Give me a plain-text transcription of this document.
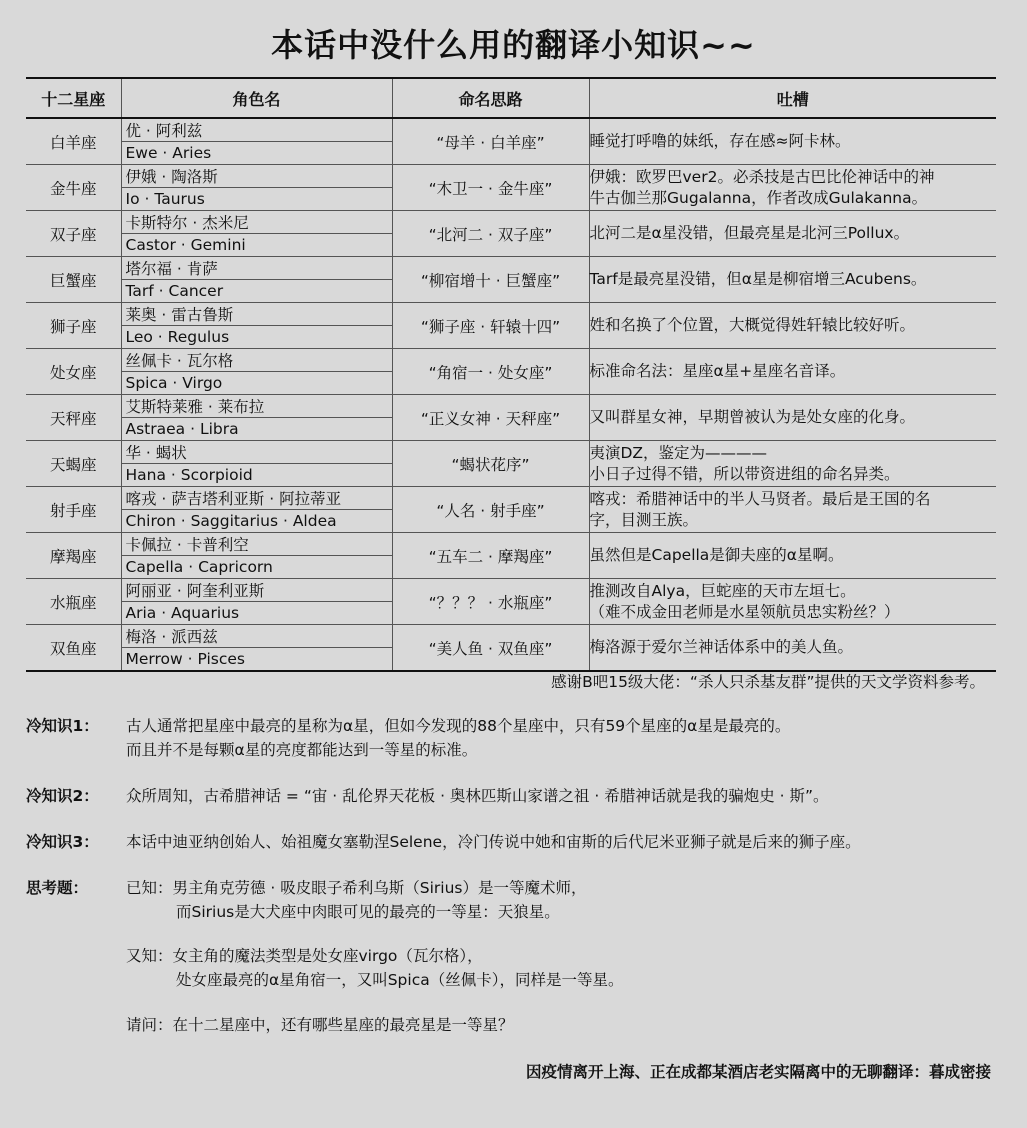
本话中没什么用的翻译小知识~~
十二星座	角色名	命名思路	吐槽
白羊座	优 · 阿利兹
Ewe · Aries	“母羊 · 白羊座”	睡觉打呼噜的妹纸，存在感≈阿卡林。
金牛座	伊娥 · 陶洛斯
Io · Taurus	“木卫一 · 金牛座”	伊娥：欧罗巴ver2。必杀技是古巴比伦神话中的神
牛古伽兰那Gugalanna，作者改成Gulakanna。
双子座	卡斯特尔 · 杰米尼
Castor · Gemini	“北河二 · 双子座”	北河二是α星没错，但最亮星是北河三Pollux。
巨蟹座	塔尔福 · 肯萨
Tarf · Cancer	“柳宿增十 · 巨蟹座”	Tarf是最亮星没错，但α星是柳宿增三Acubens。
狮子座	莱奥 · 雷古鲁斯
Leo · Regulus	“狮子座 · 轩辕十四”	姓和名换了个位置，大概觉得姓轩辕比较好听。
处女座	丝佩卡 · 瓦尔格
Spica · Virgo	“角宿一 · 处女座”	标准命名法：星座α星+星座名音译。
天秤座	艾斯特莱雅 · 莱布拉
Astraea · Libra	“正义女神 · 天秤座”	又叫群星女神，早期曾被认为是处女座的化身。
天蝎座	华 · 蝎状
Hana · Scorpioid	“蝎状花序”	夷演DZ，鉴定为————
小日子过得不错，所以带资进组的命名异类。
射手座	喀戎 · 萨吉塔利亚斯 · 阿拉蒂亚
Chiron · Saggitarius · Aldea	“人名 · 射手座”	喀戎：希腊神话中的半人马贤者。最后是王国的名
字，目测王族。
摩羯座	卡佩拉 · 卡普利空
Capella · Capricorn	“五车二 · 摩羯座”	虽然但是Capella是御夫座的α星啊。
水瓶座	阿丽亚 · 阿奎利亚斯
Aria · Aquarius	“？？？ · 水瓶座”	推测改自Alya，巨蛇座的天市左垣七。
（难不成金田老师是水星领航员忠实粉丝？）
双鱼座	梅洛 · 派西兹
Merrow · Pisces	“美人鱼 · 双鱼座”	梅洛源于爱尔兰神话体系中的美人鱼。
感谢B吧15级大佬：“杀人只杀基友群”提供的天文学资料参考。
冷知识1：	古人通常把星座中最亮的星称为α星，但如今发现的88个星座中，只有59个星座的α星是最亮的。
而且并不是每颗α星的亮度都能达到一等星的标准。
冷知识2：	众所周知，古希腊神话 = “宙 · 乱伦界天花板 · 奥林匹斯山家谱之祖 · 希腊神话就是我的骗炮史 · 斯”。
冷知识3：	本话中迪亚纳创始人、始祖魔女塞勒涅Selene，冷门传说中她和宙斯的后代尼米亚狮子就是后来的狮子座。
思考题：	已知：男主角克劳德 · 吸皮眼子希利乌斯（Sirius）是一等魔术师，
而Sirius是大犬座中肉眼可见的最亮的一等星：天狼星。
又知：女主角的魔法类型是处女座virgo（瓦尔格），
处女座最亮的α星角宿一，又叫Spica（丝佩卡），同样是一等星。
请问：在十二星座中，还有哪些星座的最亮星是一等星？
因疫情离开上海、正在成都某酒店老实隔离中的无聊翻译：暮成密接
